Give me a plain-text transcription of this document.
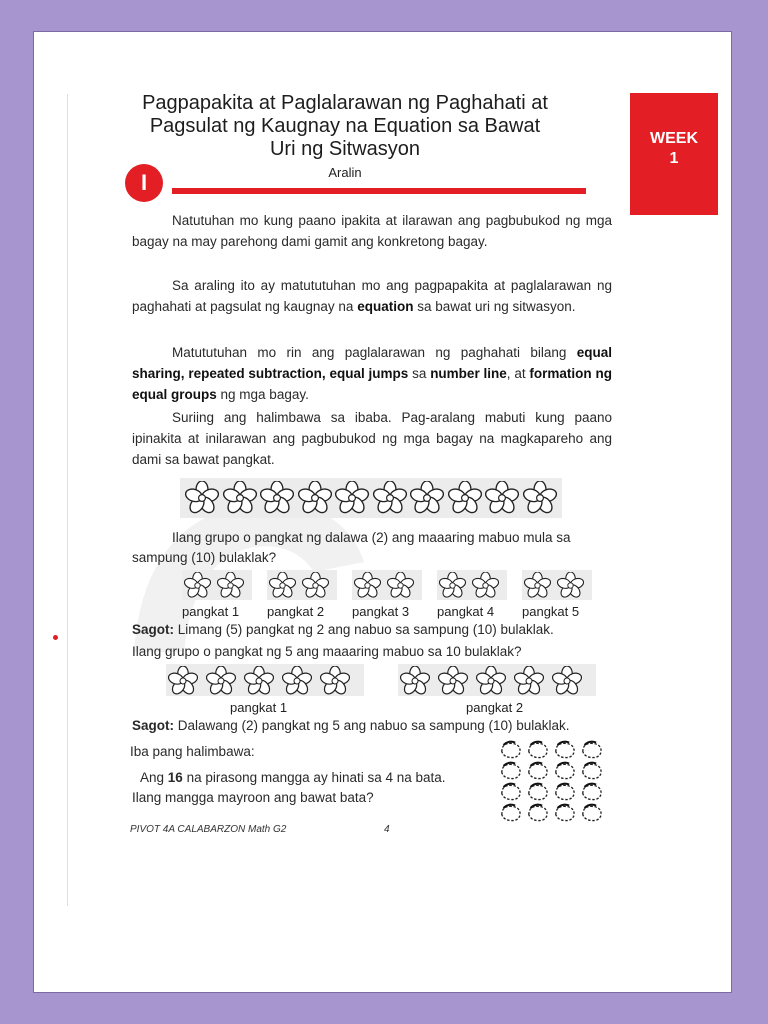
Pagpapakita at Paglalarawan ng Paghahati at
Pagsulat ng Kaugnay na Equation sa Bawat
Uri ng Sitwasyon
Aralin
WEEK
1
I

Natutuhan mo kung paano ipakita at ilarawan ang pagbubukod ng mga bagay na may parehong dami gamit ang konkretong bagay.

Sa araling ito ay matututuhan mo ang pagpapakita at paglalarawan ng paghahati at pagsulat ng kaugnay na equation sa bawat uri ng sitwasyon.

Matututuhan mo rin ang paglalarawan ng paghahati bilang equal sharing, repeated subtraction, equal jumps sa number line, at formation ng equal groups ng mga bagay.

Suriing ang halimbawa sa ibaba. Pag-aralang mabuti kung paano ipinakita at inilarawan ang pagbubukod ng mga bagay na magkapareho ang dami sa bawat pangkat.

Ilang grupo o pangkat ng dalawa (2) ang maaaring mabuo mula sa sampung (10) bulaklak?
pangkat 1 pangkat 2 pangkat 3 pangkat 4 pangkat 5
Sagot: Limang (5) pangkat ng 2 ang nabuo sa sampung (10) bulaklak.
Ilang grupo o pangkat ng 5 ang maaaring mabuo sa 10 bulaklak?
pangkat 1	pangkat 2
Sagot: Dalawang (2) pangkat ng 5 ang nabuo sa sampung (10) bulaklak.
Iba pang halimbawa:
Ang 16 na pirasong mangga ay hinati sa 4 na bata. Ilang mangga mayroon ang bawat bata?
PIVOT 4A CALABARZON Math G2	4
